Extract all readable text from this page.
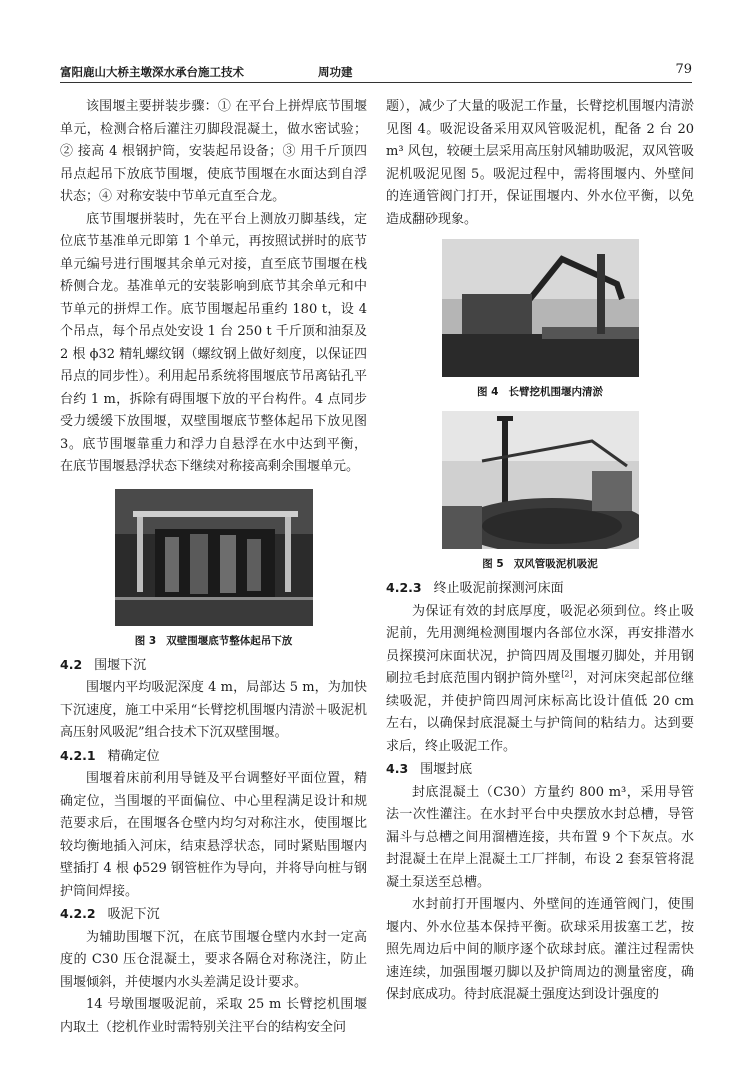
富阳鹿山大桥主墩深水承台施工技术	周功建	79

该围堰主要拼装步骤：① 在平台上拼焊底节围堰单元，检测合格后灌注刃脚段混凝土，做水密试验；② 接高 4 根钢护筒，安装起吊设备；③ 用千斤顶四吊点起吊下放底节围堰，使底节围堰在水面达到自浮状态；④ 对称安装中节单元直至合龙。

底节围堰拼装时，先在平台上测放刃脚基线，定位底节基准单元即第 1 个单元，再按照试拼时的底节单元编号进行围堰其余单元对接，直至底节围堰在栈桥侧合龙。基准单元的安装影响到底节其余单元和中节单元的拼焊工作。底节围堰起吊重约 180 t，设 4 个吊点，每个吊点处安设 1 台 250 t 千斤顶和油泵及 2 根 ϕ32 精轧螺纹钢（螺纹钢上做好刻度，以保证四吊点的同步性）。利用起吊系统将围堰底节吊离钻孔平台约 1 m，拆除有碍围堰下放的平台构件。4 点同步受力缓缓下放围堰，双壁围堰底节整体起吊下放见图 3。底节围堰靠重力和浮力自悬浮在水中达到平衡，在底节围堰悬浮状态下继续对称接高剩余围堰单元。

图 3 双壁围堰底节整体起吊下放
4.2 围堰下沉

围堰内平均吸泥深度 4 m，局部达 5 m，为加快下沉速度，施工中采用“长臂挖机围堰内清淤＋吸泥机高压射风吸泥”组合技术下沉双壁围堰。

4.2.1 精确定位

围堰着床前利用导链及平台调整好平面位置，精确定位，当围堰的平面偏位、中心里程满足设计和规范要求后，在围堰各仓壁内均匀对称注水，使围堰比较均衡地插入河床，结束悬浮状态，同时紧贴围堰内壁插打 4 根 ϕ529 钢管桩作为导向，并将导向桩与钢护筒间焊接。

4.2.2 吸泥下沉

为辅助围堰下沉，在底节围堰仓壁内水封一定高度的 C30 压仓混凝土，要求各隔仓对称浇注，防止围堰倾斜，并使堰内水头差满足设计要求。

14 号墩围堰吸泥前，采取 25 m 长臂挖机围堰内取土（挖机作业时需特别关注平台的结构安全问

题），减少了大量的吸泥工作量，长臂挖机围堰内清淤见图 4。吸泥设备采用双风管吸泥机，配备 2 台 20 m³ 风包，较硬土层采用高压射风辅助吸泥，双风管吸泥机吸泥见图 5。吸泥过程中，需将围堰内、外壁间的连通管阀门打开，保证围堰内、外水位平衡，以免造成翻砂现象。

图 4 长臂挖机围堰内清淤
图 5 双风管吸泥机吸泥
4.2.3 终止吸泥前探测河床面

为保证有效的封底厚度，吸泥必须到位。终止吸泥前，先用测绳检测围堰内各部位水深，再安排潜水员探摸河床面状况，护筒四周及围堰刃脚处，并用钢刷拉毛封底范围内钢护筒外壁[2]，对河床突起部位继续吸泥，并使护筒四周河床标高比设计值低 20 cm 左右，以确保封底混凝土与护筒间的粘结力。达到要求后，终止吸泥工作。

4.3 围堰封底

封底混凝土（C30）方量约 800 m³，采用导管法一次性灌注。在水封平台中央摆放水封总槽，导管漏斗与总槽之间用溜槽连接，共布置 9 个下灰点。水封混凝土在岸上混凝土工厂拌制，布设 2 套泵管将混凝土泵送至总槽。

水封前打开围堰内、外壁间的连通管阀门，使围堰内、外水位基本保持平衡。砍球采用拔塞工艺，按照先周边后中间的顺序逐个砍球封底。灌注过程需快速连续，加强围堰刃脚以及护筒周边的测量密度，确保封底成功。待封底混凝土强度达到设计强度的
